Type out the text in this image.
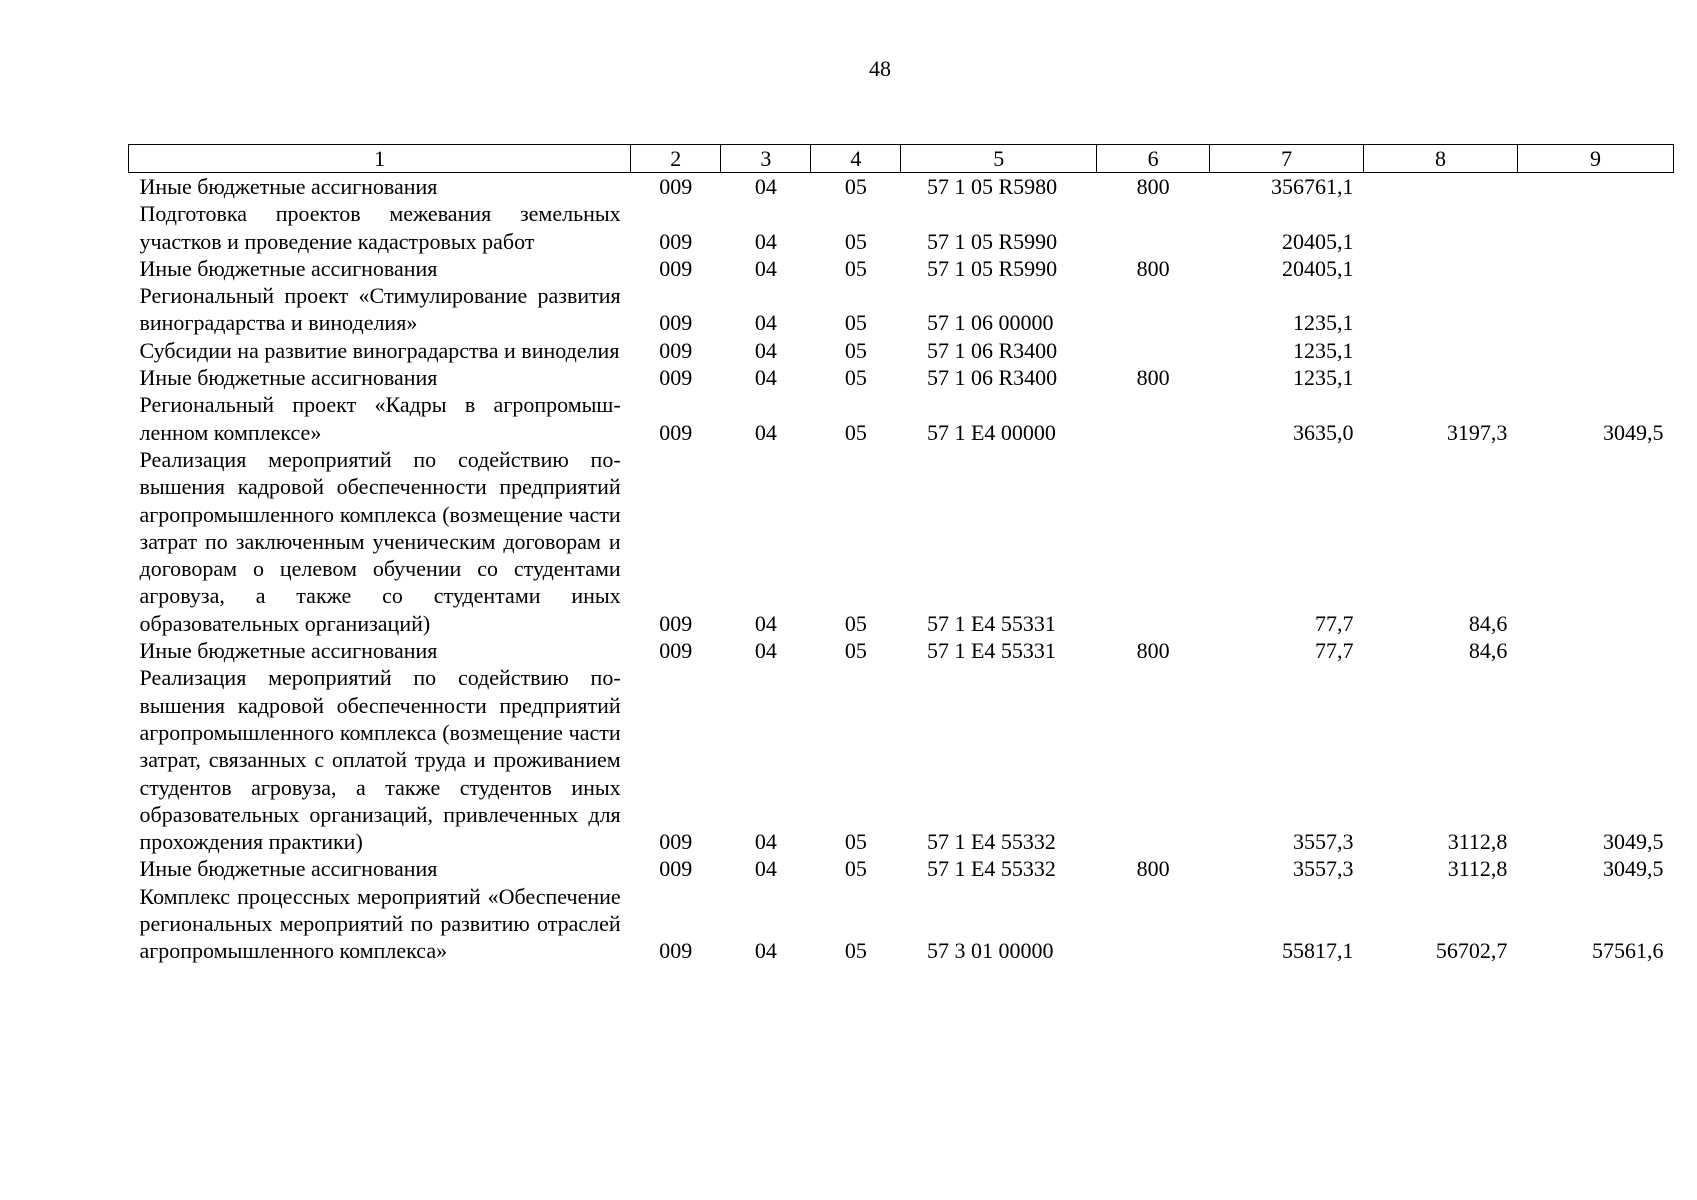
48
1	2	3	4	5	6	7	8	9
Иные бюджетные ассигнования	009	04	05	57 1 05 R5980	800	356761,1		
Подготовка проектов межевания земельных участков и проведение кадастровых работ	009	04	05	57 1 05 R5990		20405,1		
Иные бюджетные ассигнования	009	04	05	57 1 05 R5990	800	20405,1		
Региональный проект «Стимулирование развития виноградарства и виноделия»	009	04	05	57 1 06 00000		1235,1		
Субсидии на развитие виноградарства и виноделия	009	04	05	57 1 06 R3400		1235,1		
Иные бюджетные ассигнования	009	04	05	57 1 06 R3400	800	1235,1		
Региональный проект «Кадры в агропромышленном комплексе»	009	04	05	57 1 E4 00000		3635,0	3197,3	3049,5
Реализация мероприятий по содействию повышения кадровой обеспеченности предприятий агропромышленного комплекса (возмещение части затрат по заключенным ученическим договорам и договорам о целевом обучении со студентами агровуза, а также со студентами иных образовательных организаций)	009	04	05	57 1 E4 55331		77,7	84,6	
Иные бюджетные ассигнования	009	04	05	57 1 E4 55331	800	77,7	84,6	
Реализация мероприятий по содействию повышения кадровой обеспеченности предприятий агропромышленного комплекса (возмещение части затрат, связанных с оплатой труда и проживанием студентов агровуза, а также студентов иных образовательных организаций, привлеченных для прохождения практики)	009	04	05	57 1 E4 55332		3557,3	3112,8	3049,5
Иные бюджетные ассигнования	009	04	05	57 1 E4 55332	800	3557,3	3112,8	3049,5
Комплекс процессных мероприятий «Обеспечение региональных мероприятий по развитию отраслей агропромышленного комплекса»	009	04	05	57 3 01 00000		55817,1	56702,7	57561,6
